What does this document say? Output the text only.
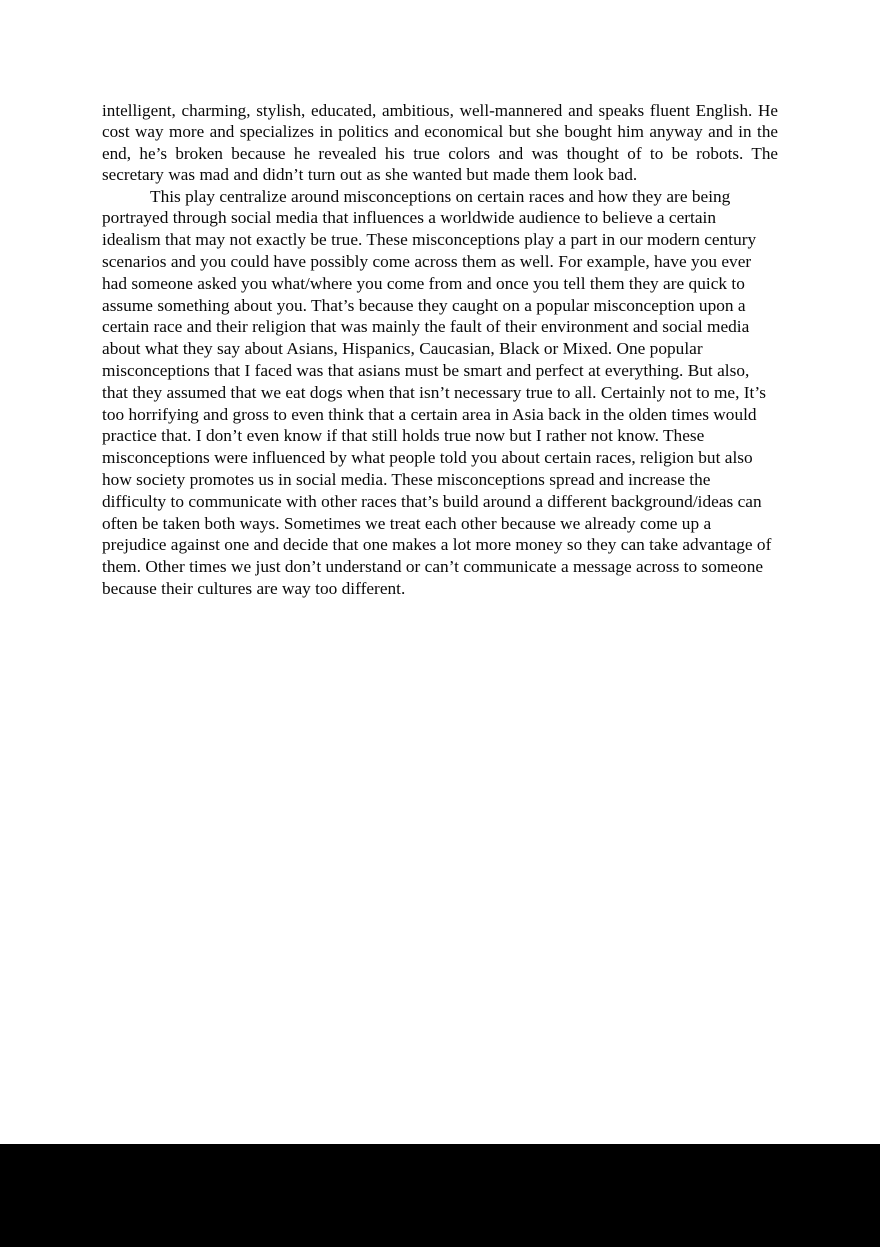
intelligent, charming, stylish, educated, ambitious, well-mannered and speaks fluent English. He cost way more and specializes in politics and economical but she bought him anyway and in the end, he’s broken because he revealed his true colors and was thought of to be robots. The secretary was mad and didn’t turn out as she wanted but made them look bad.

This play centralize around misconceptions on certain races and how they are being portrayed through social media that influences a worldwide audience to believe a certain idealism that may not exactly be true. These misconceptions play a part in our modern century scenarios and you could have possibly come across them as well. For example, have you ever had someone asked you what/where you come from and once you tell them they are quick to assume something about you. That’s because they caught on a popular misconception upon a certain race and their religion that was mainly the fault of their environment and social media about what they say about Asians, Hispanics, Caucasian, Black or Mixed. One popular misconceptions that I faced was that asians must be smart and perfect at everything. But also, that they assumed that we eat dogs when that isn’t necessary true to all. Certainly not to me, It’s too horrifying and gross to even think that a certain area in Asia back in the olden times would practice that. I don’t even know if that still holds true now but I rather not know. These misconceptions were influenced by what people told you about certain races, religion but also how society promotes us in social media. These misconceptions spread and increase the difficulty to communicate with other races that’s build around a different background/ideas can often be taken both ways. Sometimes we treat each other because we already come up a prejudice against one and decide that one makes a lot more money so they can take advantage of them. Other times we just don’t understand or can’t communicate a message across to someone because their cultures are way too different.
